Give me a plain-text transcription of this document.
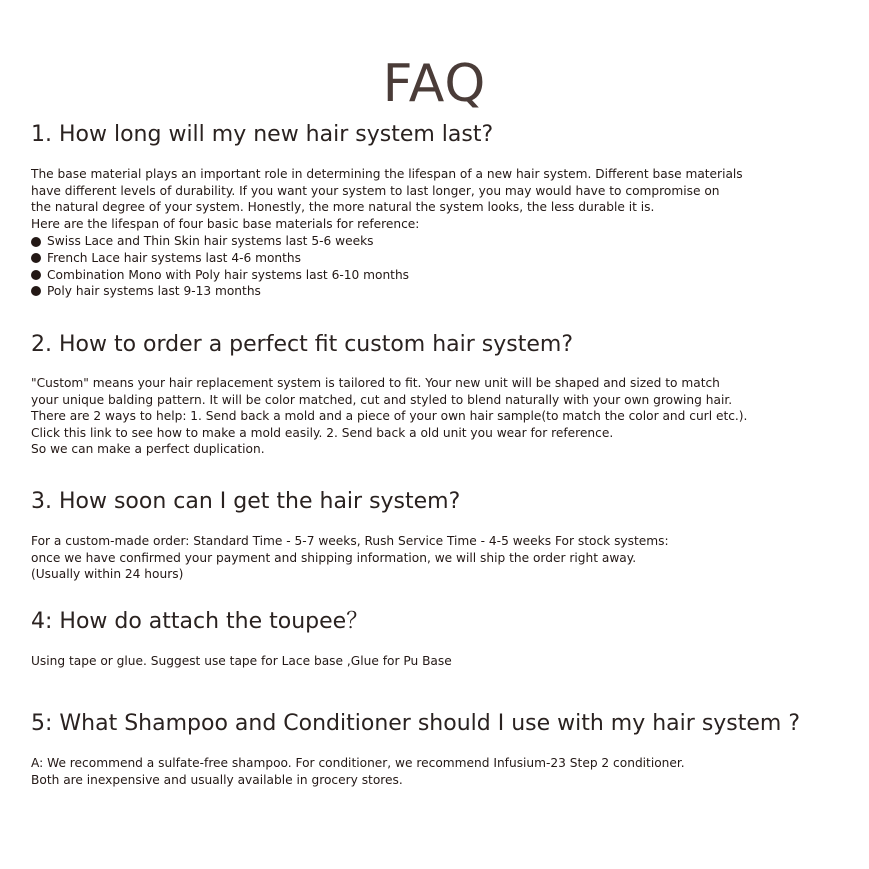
FAQ
1. How long will my new hair system last?

The base material plays an important role in determining the lifespan of a new hair system. Different base materials
have different levels of durability. If you want your system to last longer, you may would have to compromise on
the natural degree of your system. Honestly, the more natural the system looks, the less durable it is.
Here are the lifespan of four basic base materials for reference:

Swiss Lace and Thin Skin hair systems last 5-6 weeks
French Lace hair systems last 4-6 months
Combination Mono with Poly hair systems last 6-10 months
Poly hair systems last 9-13 months
2. How to order a perfect fit custom hair system?

"Custom" means your hair replacement system is tailored to fit. Your new unit will be shaped and sized to match
your unique balding pattern. It will be color matched, cut and styled to blend naturally with your own growing hair.
There are 2 ways to help: 1. Send back a mold and a piece of your own hair sample(to match the color and curl etc.).
Click this link to see how to make a mold easily. 2. Send back a old unit you wear for reference.
So we can make a perfect duplication.

3. How soon can I get the hair system?

For a custom-made order: Standard Time - 5-7 weeks, Rush Service Time - 4-5 weeks For stock systems:
once we have confirmed your payment and shipping information, we will ship the order right away.
(Usually within 24 hours)

4: How do attach the toupee？

Using tape or glue. Suggest use tape for Lace base ,Glue for Pu Base

5: What Shampoo and Conditioner should I use with my hair system ?

A: We recommend a sulfate-free shampoo. For conditioner, we recommend Infusium-23 Step 2 conditioner.
Both are inexpensive and usually available in grocery stores.
